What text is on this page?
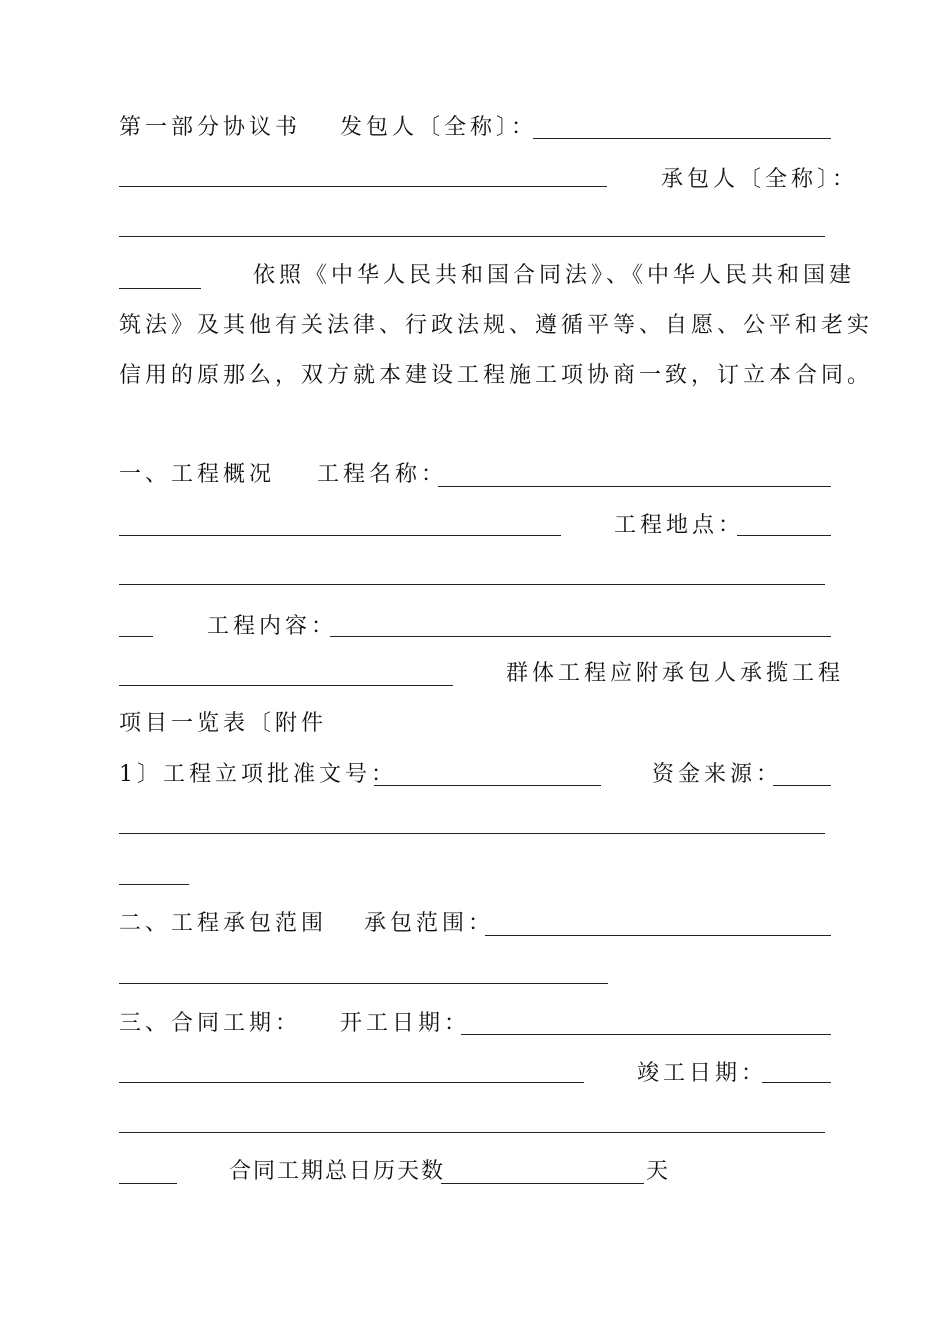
第一部分协议书 发包人〔全称〕：
承包人〔全称〕：
依照《中华人民共和国合同法》、《中华人民共和国建
筑法》及其他有关法律、行政法规、遵循平等、自愿、公平和老实
信用的原那么，双方就本建设工程施工项协商一致，订立本合同。
一、工程概况 工程名称：
工程地点：
工程内容：
群体工程应附承包人承揽工程
项目一览表〔附件
1〕工程立项批准文号：	资金来源：
二、工程承包范围 承包范围：
三、合同工期： 开工日期：
竣工日期：
合同工期总日历天数	天
